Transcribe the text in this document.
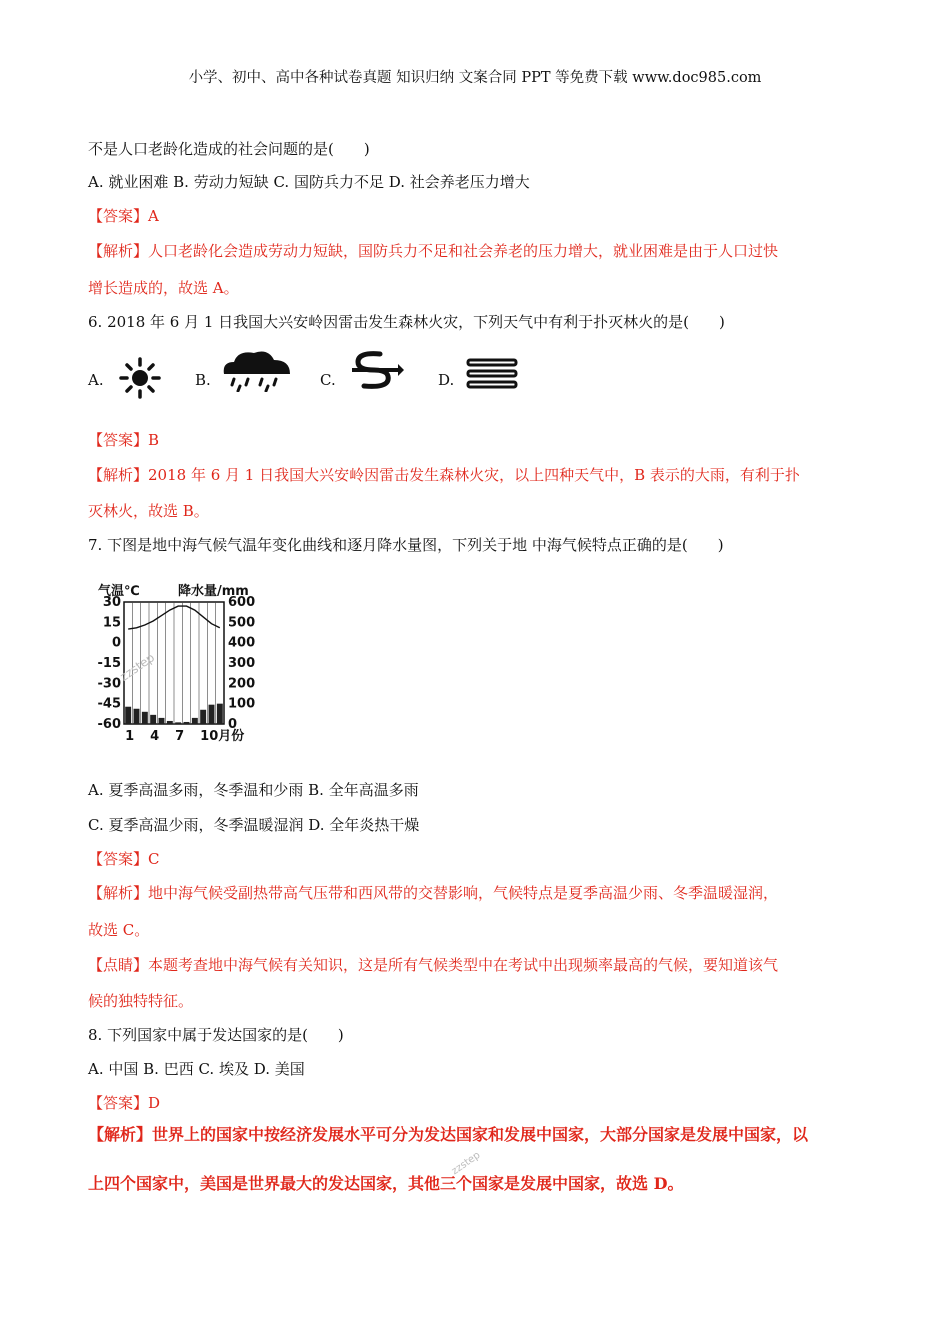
小学、初中、高中各种试卷真题 知识归纳 文案合同 PPT 等免费下载 www.doc985.com
不是人口老龄化造成的社会问题的是(　　)
A. 就业困难 B. 劳动力短缺 C. 国防兵力不足 D. 社会养老压力增大
【答案】A
【解析】人口老龄化会造成劳动力短缺，国防兵力不足和社会养老的压力增大，就业困难是由于人口过快
增长造成的，故选 A。
6. 2018 年 6 月 1 日我国大兴安岭因雷击发生森林火灾，下列天气中有利于扑灭林火的是(　　)
A.	B.	C.	D.
【答案】B
【解析】2018 年 6 月 1 日我国大兴安岭因雷击发生森林火灾，以上四种天气中，B 表示的大雨，有利于扑
灭林火，故选 B。
7. 下图是地中海气候气温年变化曲线和逐月降水量图，下列关于地 中海气候特点正确的是(　　)
气温℃	降水量/mm
30
15
0
-15
-30
-45
-60
600
500
400
300
200
100
0
1 4 7 10月份
zzstep
A. 夏季高温多雨，冬季温和少雨 B. 全年高温多雨
C. 夏季高温少雨，冬季温暖湿润 D. 全年炎热干燥
【答案】C
【解析】地中海气候受副热带高气压带和西风带的交替影响，气候特点是夏季高温少雨、冬季温暖湿润，
故选 C。
【点睛】本题考查地中海气候有关知识，这是所有气候类型中在考试中出现频率最高的气候，要知道该气
候的独特特征。
8. 下列国家中属于发达国家的是(　　)
A. 中国 B. 巴西 C. 埃及 D. 美国
【答案】D
【解析】世界上的国家中按经济发展水平可分为发达国家和发展中国家，大部分国家是发展中国家，以
上四个国家中，美国是世界最大的发达国家，其他三个国家是发展中国家，故选 D。
zzstep
